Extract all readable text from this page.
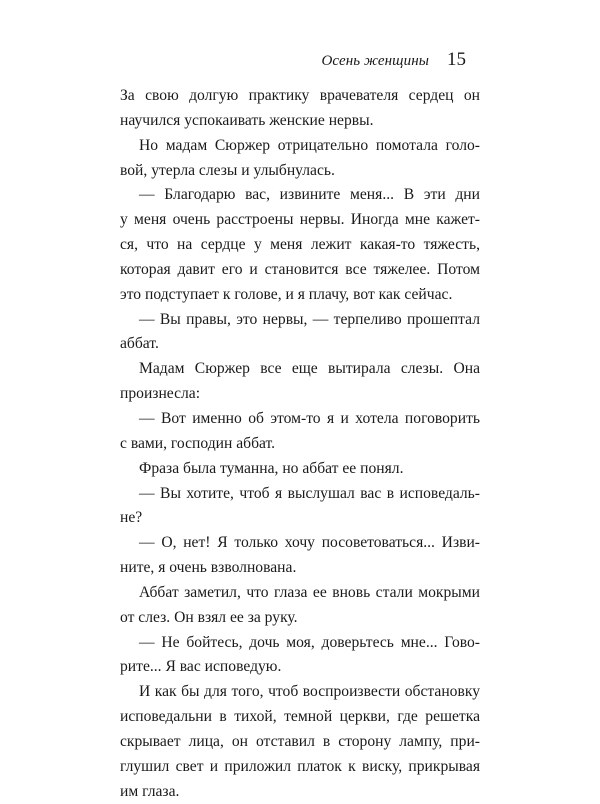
Осень женщины 15
За свою долгую практику врачевателя сердец он
научился успокаивать женские нервы.
Но мадам Сюржер отрицательно помотала голо-
вой, утерла слезы и улыбнулась.
— Благодарю вас, извините меня... В эти дни
у меня очень расстроены нервы. Иногда мне кажет-
ся, что на сердце у меня лежит какая-то тяжесть,
которая давит его и становится все тяжелее. Потом
это подступает к голове, и я плачу, вот как сейчас.
— Вы правы, это нервы, — терпеливо прошептал
аббат.
Мадам Сюржер все еще вытирала слезы. Она
произнесла:
— Вот именно об этом-то я и хотела поговорить
с вами, господин аббат.
Фраза была туманна, но аббат ее понял.
— Вы хотите, чтоб я выслушал вас в исповедаль-
не?
— О, нет! Я только хочу посоветоваться... Изви-
ните, я очень взволнована.
Аббат заметил, что глаза ее вновь стали мокрыми
от слез. Он взял ее за руку.
— Не бойтесь, дочь моя, доверьтесь мне... Гово-
рите... Я вас исповедую.
И как бы для того, чтоб воспроизвести обстановку
исповедальни в тихой, темной церкви, где решетка
скрывает лица, он отставил в сторону лампу, при-
глушил свет и приложил платок к виску, прикрывая
им глаза.
